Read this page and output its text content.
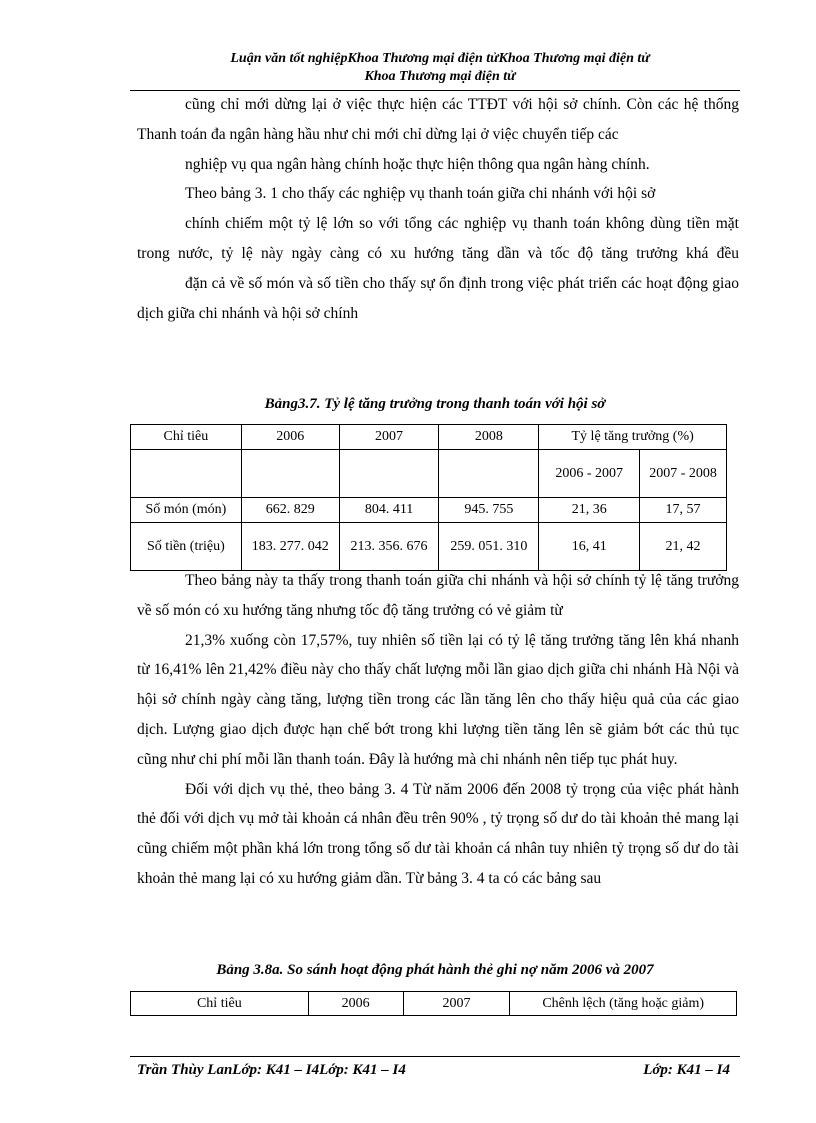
Luận văn tốt nghiệpKhoa Thương mại điện tửKhoa Thương mại điện tử
Khoa Thương mại điện tử

cũng chỉ mới dừng lại ở việc thực hiện các TTĐT với hội sở chính. Còn các hệ thống Thanh toán đa ngân hàng hầu như chi mới chỉ dừng lại ở việc chuyển tiếp các

nghiệp vụ qua ngân hàng chính hoặc thực hiện thông qua ngân hàng chính.

Theo bảng 3. 1 cho thấy các nghiệp vụ thanh toán giữa chi nhánh với hội sở

chính chiếm một tỷ lệ lớn so với tổng các nghiệp vụ thanh toán không dùng tiền mặt trong nước, tỷ lệ này ngày càng có xu hướng tăng dần và tốc độ tăng trưởng khá đều

đặn cả về số món và số tiền cho thấy sự ổn định trong việc phát triển các hoạt động giao dịch giữa chi nhánh và hội sở chính

Bảng3.7. Tỷ lệ tăng trưởng trong thanh toán với hội sở
Chỉ tiêu	2006	2007	2008	Tỷ lệ tăng trưởng (%)	
				2006 - 2007	2007 - 2008
Số món (món)	662. 829	804. 411	945. 755	21, 36	17, 57
Số tiền (triệu)	183. 277. 042	213. 356. 676	259. 051. 310	16, 41	21, 42

Theo bảng này ta thấy trong thanh toán giữa chi nhánh và hội sở chính tỷ lệ tăng trưởng về số món có xu hướng tăng nhưng tốc độ tăng trưởng có vẻ giảm từ

21,3% xuống còn 17,57%, tuy nhiên số tiền lại có tỷ lệ tăng trưởng tăng lên khá nhanh từ 16,41% lên 21,42% điều này cho thấy chất lượng mỗi lần giao dịch giữa chi nhánh Hà Nội và hội sở chính ngày càng tăng, lượng tiền trong các lần tăng lên cho thấy hiệu quả của các giao dịch. Lượng giao dịch được hạn chế bớt trong khi lượng tiền tăng lên sẽ giảm bớt các thủ tục cũng như chi phí mỗi lần thanh toán. Đây là hướng mà chi nhánh nên tiếp tục phát huy.

Đối với dịch vụ thẻ, theo bảng 3. 4 Từ năm 2006 đến 2008 tỷ trọng của việc phát hành thẻ đối với dịch vụ mở tài khoản cá nhân đều trên 90% , tỷ trọng số dư do tài khoản thẻ mang lại cũng chiếm một phần khá lớn trong tổng số dư tài khoản cá nhân tuy nhiên tỷ trọng số dư do tài khoản thẻ mang lại có xu hướng giảm dần. Từ bảng 3. 4 ta có các bảng sau

Bảng 3.8a. So sánh hoạt động phát hành thẻ ghi nợ năm 2006 và 2007
Chỉ tiêu	2006	2007	Chênh lệch (tăng hoặc giảm)
Trần Thùy LanLớp: K41 – I4Lớp: K41 – I4	Lớp: K41 – I4
